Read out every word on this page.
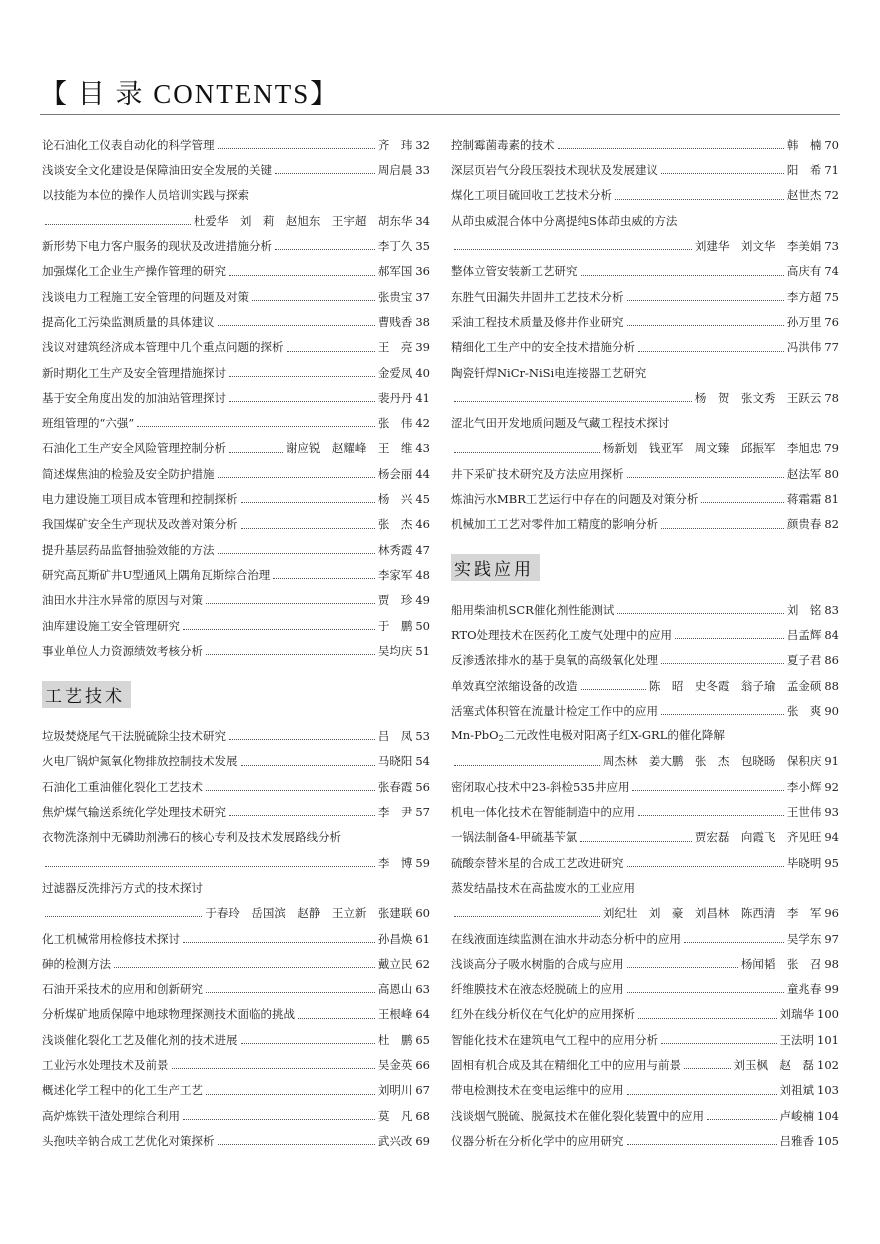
【 目 录 CONTENTS】
论石油化工仪表自动化的科学管理	齐　玮 32
浅谈安全文化建设是保障油田安全发展的关键	周启晨 33
以技能为本位的操作人员培训实践与探索
杜爱华　刘　莉　赵旭东　王宇超　胡东华 34
新形势下电力客户服务的现状及改进措施分析	李丁久 35
加强煤化工企业生产操作管理的研究	郝军国 36
浅谈电力工程施工安全管理的问题及对策	张贵宝 37
提高化工污染监测质量的具体建议	曹贱香 38
浅议对建筑经济成本管理中几个重点问题的探析	王　亮 39
新时期化工生产及安全管理措施探讨	金爱凤 40
基于安全角度出发的加油站管理探讨	裴丹丹 41
班组管理的“六强”	张　伟 42
石油化工生产安全风险管理控制分析	谢应锐　赵耀峰　王　维 43
简述煤焦油的检验及安全防护措施	杨会丽 44
电力建设施工项目成本管理和控制探析	杨　兴 45
我国煤矿安全生产现状及改善对策分析	张　杰 46
提升基层药品监督抽验效能的方法	林秀霞 47
研究高瓦斯矿井U型通风上隅角瓦斯综合治理	李家军 48
油田水井注水异常的原因与对策	贾　珍 49
油库建设施工安全管理研究	于　鹏 50
事业单位人力资源绩效考核分析	吴均庆 51
工艺技术
垃圾焚烧尾气干法脱硫除尘技术研究	吕　凤 53
火电厂锅炉氮氧化物排放控制技术发展	马晓阳 54
石油化工重油催化裂化工艺技术	张春霞 56
焦炉煤气输送系统化学处理技术研究	李　尹 57
衣物洗涤剂中无磷助剂沸石的核心专利及技术发展路线分析
李　博 59
过滤器反洗排污方式的技术探讨
于春玲　岳国滨　赵静　王立新　张建联 60
化工机械常用检修技术探讨	孙昌焕 61
砷的检测方法	戴立民 62
石油开采技术的应用和创新研究	高恩山 63
分析煤矿地质保障中地球物理探测技术面临的挑战	王根峰 64
浅谈催化裂化工艺及催化剂的技术进展	杜　鹏 65
工业污水处理技术及前景	吴金英 66
概述化学工程中的化工生产工艺	刘明川 67
高炉炼铁干渣处理综合利用	莫　凡 68
头孢呋辛钠合成工艺优化对策探析	武兴改 69
控制霉菌毒素的技术	韩　楠 70
深层页岩气分段压裂技术现状及发展建议	阳　希 71
煤化工项目硫回收工艺技术分析	赵世杰 72
从茚虫威混合体中分离提纯S体茚虫威的方法
刘建华　刘文华　李美娟 73
整体立管安装新工艺研究	高庆有 74
东胜气田漏失井固井工艺技术分析	李方超 75
采油工程技术质量及修井作业研究	孙万里 76
精细化工生产中的安全技术措施分析	冯洪伟 77
陶瓷钎焊NiCr-NiSi电连接器工艺研究
杨　贺　张文秀　王跃云 78
涩北气田开发地质问题及气藏工程技术探讨
杨新划　钱亚军　周文臻　邱振军　李旭忠 79
井下采矿技术研究及方法应用探析	赵法军 80
炼油污水MBR工艺运行中存在的问题及对策分析	蒋霜霜 81
机械加工工艺对零件加工精度的影响分析	颜贵春 82
实践应用
船用柴油机SCR催化剂性能测试	刘　铭 83
RTO处理技术在医药化工废气处理中的应用	吕孟辉 84
反渗透浓排水的基于臭氧的高级氧化处理	夏子君 86
单效真空浓缩设备的改造	陈　昭　史冬霞　翁子瑜　孟金硕 88
活塞式体积管在流量计检定工作中的应用	张　爽 90
Mn-PbO$_2$二元改性电极对阳离子红X-GRL的催化降解
周杰林　姜大鹏　张　杰　包晓旸　保积庆 91
密闭取心技术中23-斜检535井应用	李小辉 92
机电一体化技术在智能制造中的应用	王世伟 93
一锅法制备4-甲硫基苄氯	贾宏磊　向霞飞　齐见旺 94
硫酸奈替米星的合成工艺改进研究	毕晓明 95
蒸发结晶技术在高盐废水的工业应用
刘纪壮　刘　豪　刘昌林　陈西清　李　军 96
在线液面连续监测在油水井动态分析中的应用	吴学东 97
浅谈高分子吸水树脂的合成与应用	杨闻韬　张　召 98
纤维膜技术在液态烃脱硫上的应用	童兆春 99
红外在线分析仪在气化炉的应用探析	刘瑞华 100
智能化技术在建筑电气工程中的应用分析	王法明 101
固相有机合成及其在精细化工中的应用与前景	刘玉枫　赵　磊 102
带电检测技术在变电运维中的应用	刘祖斌 103
浅谈烟气脱硫、脱氮技术在催化裂化装置中的应用	卢峻楠 104
仪器分析在分析化学中的应用研究	吕雅香 105
